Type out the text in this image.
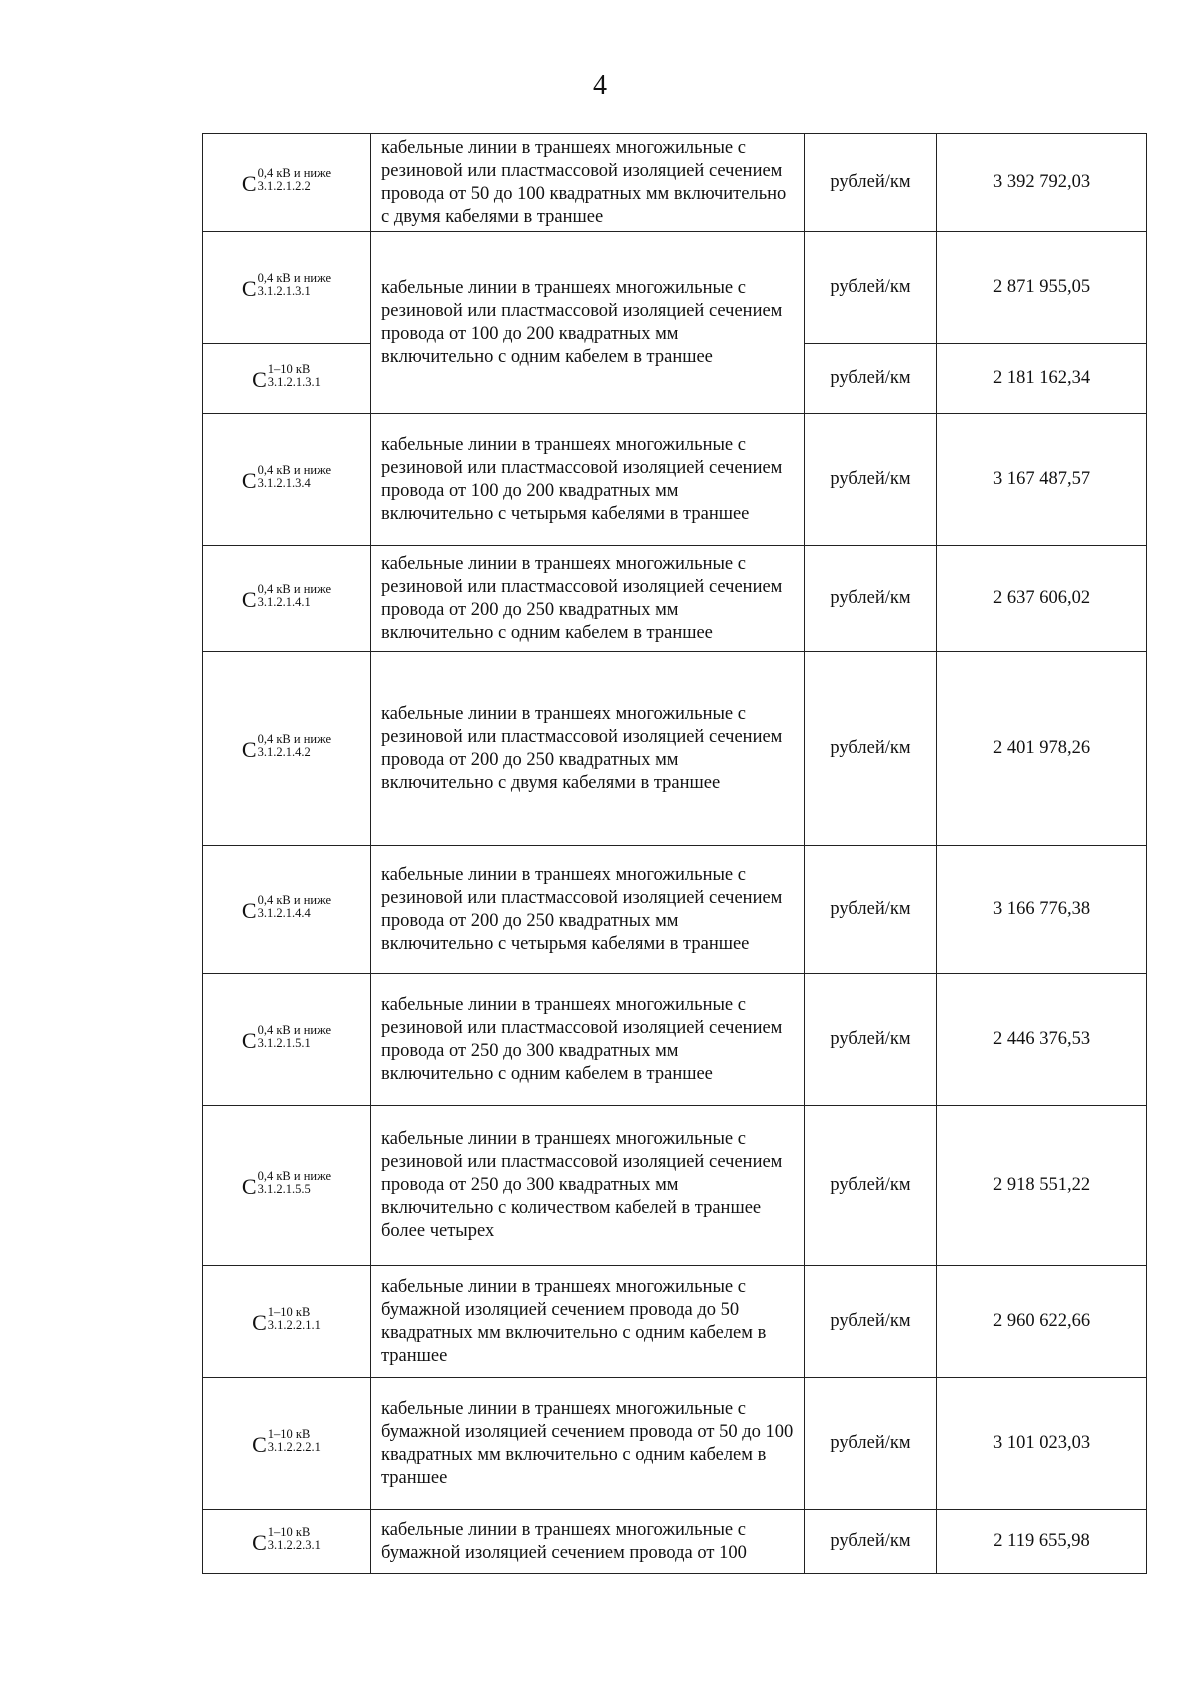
4
C 0,4 кВ и ниже
3.1.2.1.2.2	кабельные линии в траншеях многожильные с резиновой или пластмассовой изоляцией сечением провода от 50 до 100 квадратных мм включительно с двумя кабелями в траншее	рублей/км	3 392 792,03

C 0,4 кВ и ниже
3.1.2.1.3.1	кабельные линии в траншеях многожильные с резиновой или пластмассовой изоляцией сечением провода от 100 до 200 квадратных мм включительно с одним кабелем в траншее	рублей/км	2 871 955,05

C 1–10 кВ
3.1.2.1.3.1		рублей/км	2 181 162,34

C 0,4 кВ и ниже
3.1.2.1.3.4	кабельные линии в траншеях многожильные с резиновой или пластмассовой изоляцией сечением провода от 100 до 200 квадратных мм включительно с четырьмя кабелями в траншее	рублей/км	3 167 487,57

C 0,4 кВ и ниже
3.1.2.1.4.1	кабельные линии в траншеях многожильные с резиновой или пластмассовой изоляцией сечением провода от 200 до 250 квадратных мм включительно с одним кабелем в траншее	рублей/км	2 637 606,02

C 0,4 кВ и ниже
3.1.2.1.4.2	кабельные линии в траншеях многожильные с резиновой или пластмассовой изоляцией сечением провода от 200 до 250 квадратных мм включительно с двумя кабелями в траншее	рублей/км	2 401 978,26

C 0,4 кВ и ниже
3.1.2.1.4.4	кабельные линии в траншеях многожильные с резиновой или пластмассовой изоляцией сечением провода от 200 до 250 квадратных мм включительно с четырьмя кабелями в траншее	рублей/км	3 166 776,38

C 0,4 кВ и ниже
3.1.2.1.5.1	кабельные линии в траншеях многожильные с резиновой или пластмассовой изоляцией сечением провода от 250 до 300 квадратных мм включительно с одним кабелем в траншее	рублей/км	2 446 376,53

C 0,4 кВ и ниже
3.1.2.1.5.5	кабельные линии в траншеях многожильные с резиновой или пластмассовой изоляцией сечением провода от 250 до 300 квадратных мм включительно с количеством кабелей в траншее более четырех	рублей/км	2 918 551,22

C 1–10 кВ
3.1.2.2.1.1	кабельные линии в траншеях многожильные с бумажной изоляцией сечением провода до 50 квадратных мм включительно с одним кабелем в траншее	рублей/км	2 960 622,66

C 1–10 кВ
3.1.2.2.2.1	кабельные линии в траншеях многожильные с бумажной изоляцией сечением провода от 50 до 100 квадратных мм включительно с одним кабелем в траншее	рублей/км	3 101 023,03

C 1–10 кВ
3.1.2.2.3.1	кабельные линии в траншеях многожильные с бумажной изоляцией сечением провода от 100	рублей/км	2 119 655,98
